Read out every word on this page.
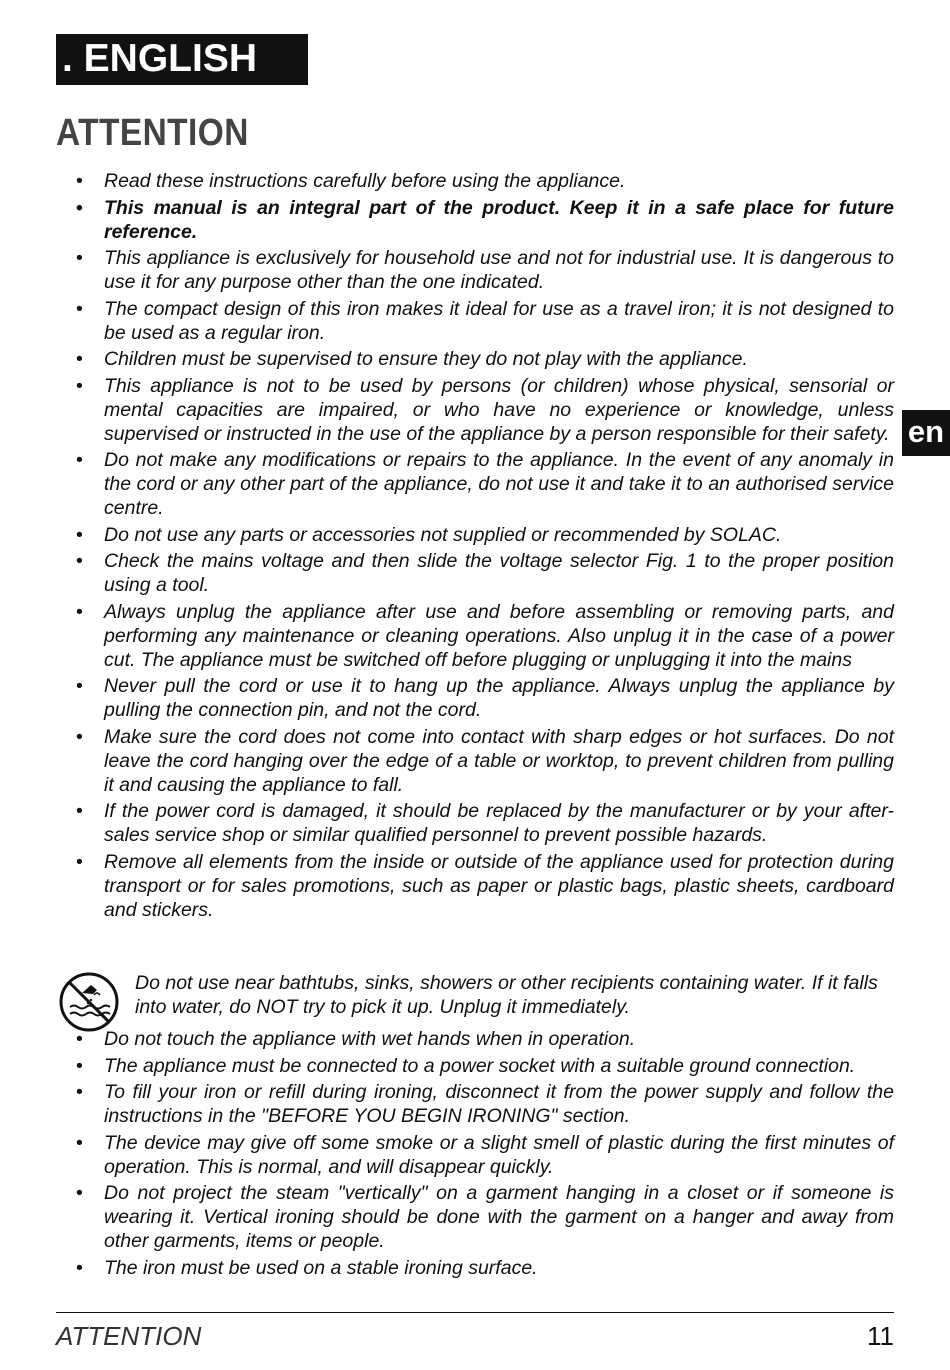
. ENGLISH
ATTENTION
en
• Read these instructions carefully before using the appliance.
• This manual is an integral part of the product. Keep it in a safe place for future reference.
• This appliance is exclusively for household use and not for industrial use. It is dangerous to use it for any purpose other than the one indicated.
• The compact design of this iron makes it ideal for use as a travel iron; it is not designed to be used as a regular iron.
• Children must be supervised to ensure they do not play with the appliance.
• This appliance is not to be used by persons (or children) whose physical, sensorial or mental capacities are impaired, or who have no experience or knowledge, unless supervised or instructed in the use of the appliance by a person responsible for their safety.
• Do not make any modifications or repairs to the appliance. In the event of any anomaly in the cord or any other part of the appliance, do not use it and take it to an authorised service centre.
• Do not use any parts or accessories not supplied or recommended by SOLAC.
• Check the mains voltage and then slide the voltage selector Fig. 1 to the proper position using a tool.
• Always unplug the appliance after use and before assembling or removing parts, and performing any maintenance or cleaning operations. Also unplug it in the case of a power cut. The appliance must be switched off before plugging or unplugging it into the mains
• Never pull the cord or use it to hang up the appliance. Always unplug the appliance by pulling the connection pin, and not the cord.
• Make sure the cord does not come into contact with sharp edges or hot surfaces. Do not leave the cord hanging over the edge of a table or worktop, to prevent children from pulling it and causing the appliance to fall.
• If the power cord is damaged, it should be replaced by the manufacturer or by your after-sales service shop or similar qualified personnel to prevent possible hazards.
• Remove all elements from the inside or outside of the appliance used for protection during transport or for sales promotions, such as paper or plastic bags, plastic sheets, cardboard and stickers.
Do not use near bathtubs, sinks, showers or other recipients containing water. If it falls into water, do NOT try to pick it up. Unplug it immediately.
• Do not touch the appliance with wet hands when in operation.
• The appliance must be connected to a power socket with a suitable ground connection.
• To fill your iron or refill during ironing, disconnect it from the power supply and follow the instructions in the "BEFORE YOU BEGIN IRONING" section.
• The device may give off some smoke or a slight smell of plastic during the first minutes of operation. This is normal, and will disappear quickly.
• Do not project the steam "vertically" on a garment hanging in a closet or if someone is wearing it. Vertical ironing should be done with the garment on a hanger and away from other garments, items or people.
• The iron must be used on a stable ironing surface.
ATTENTION	11
